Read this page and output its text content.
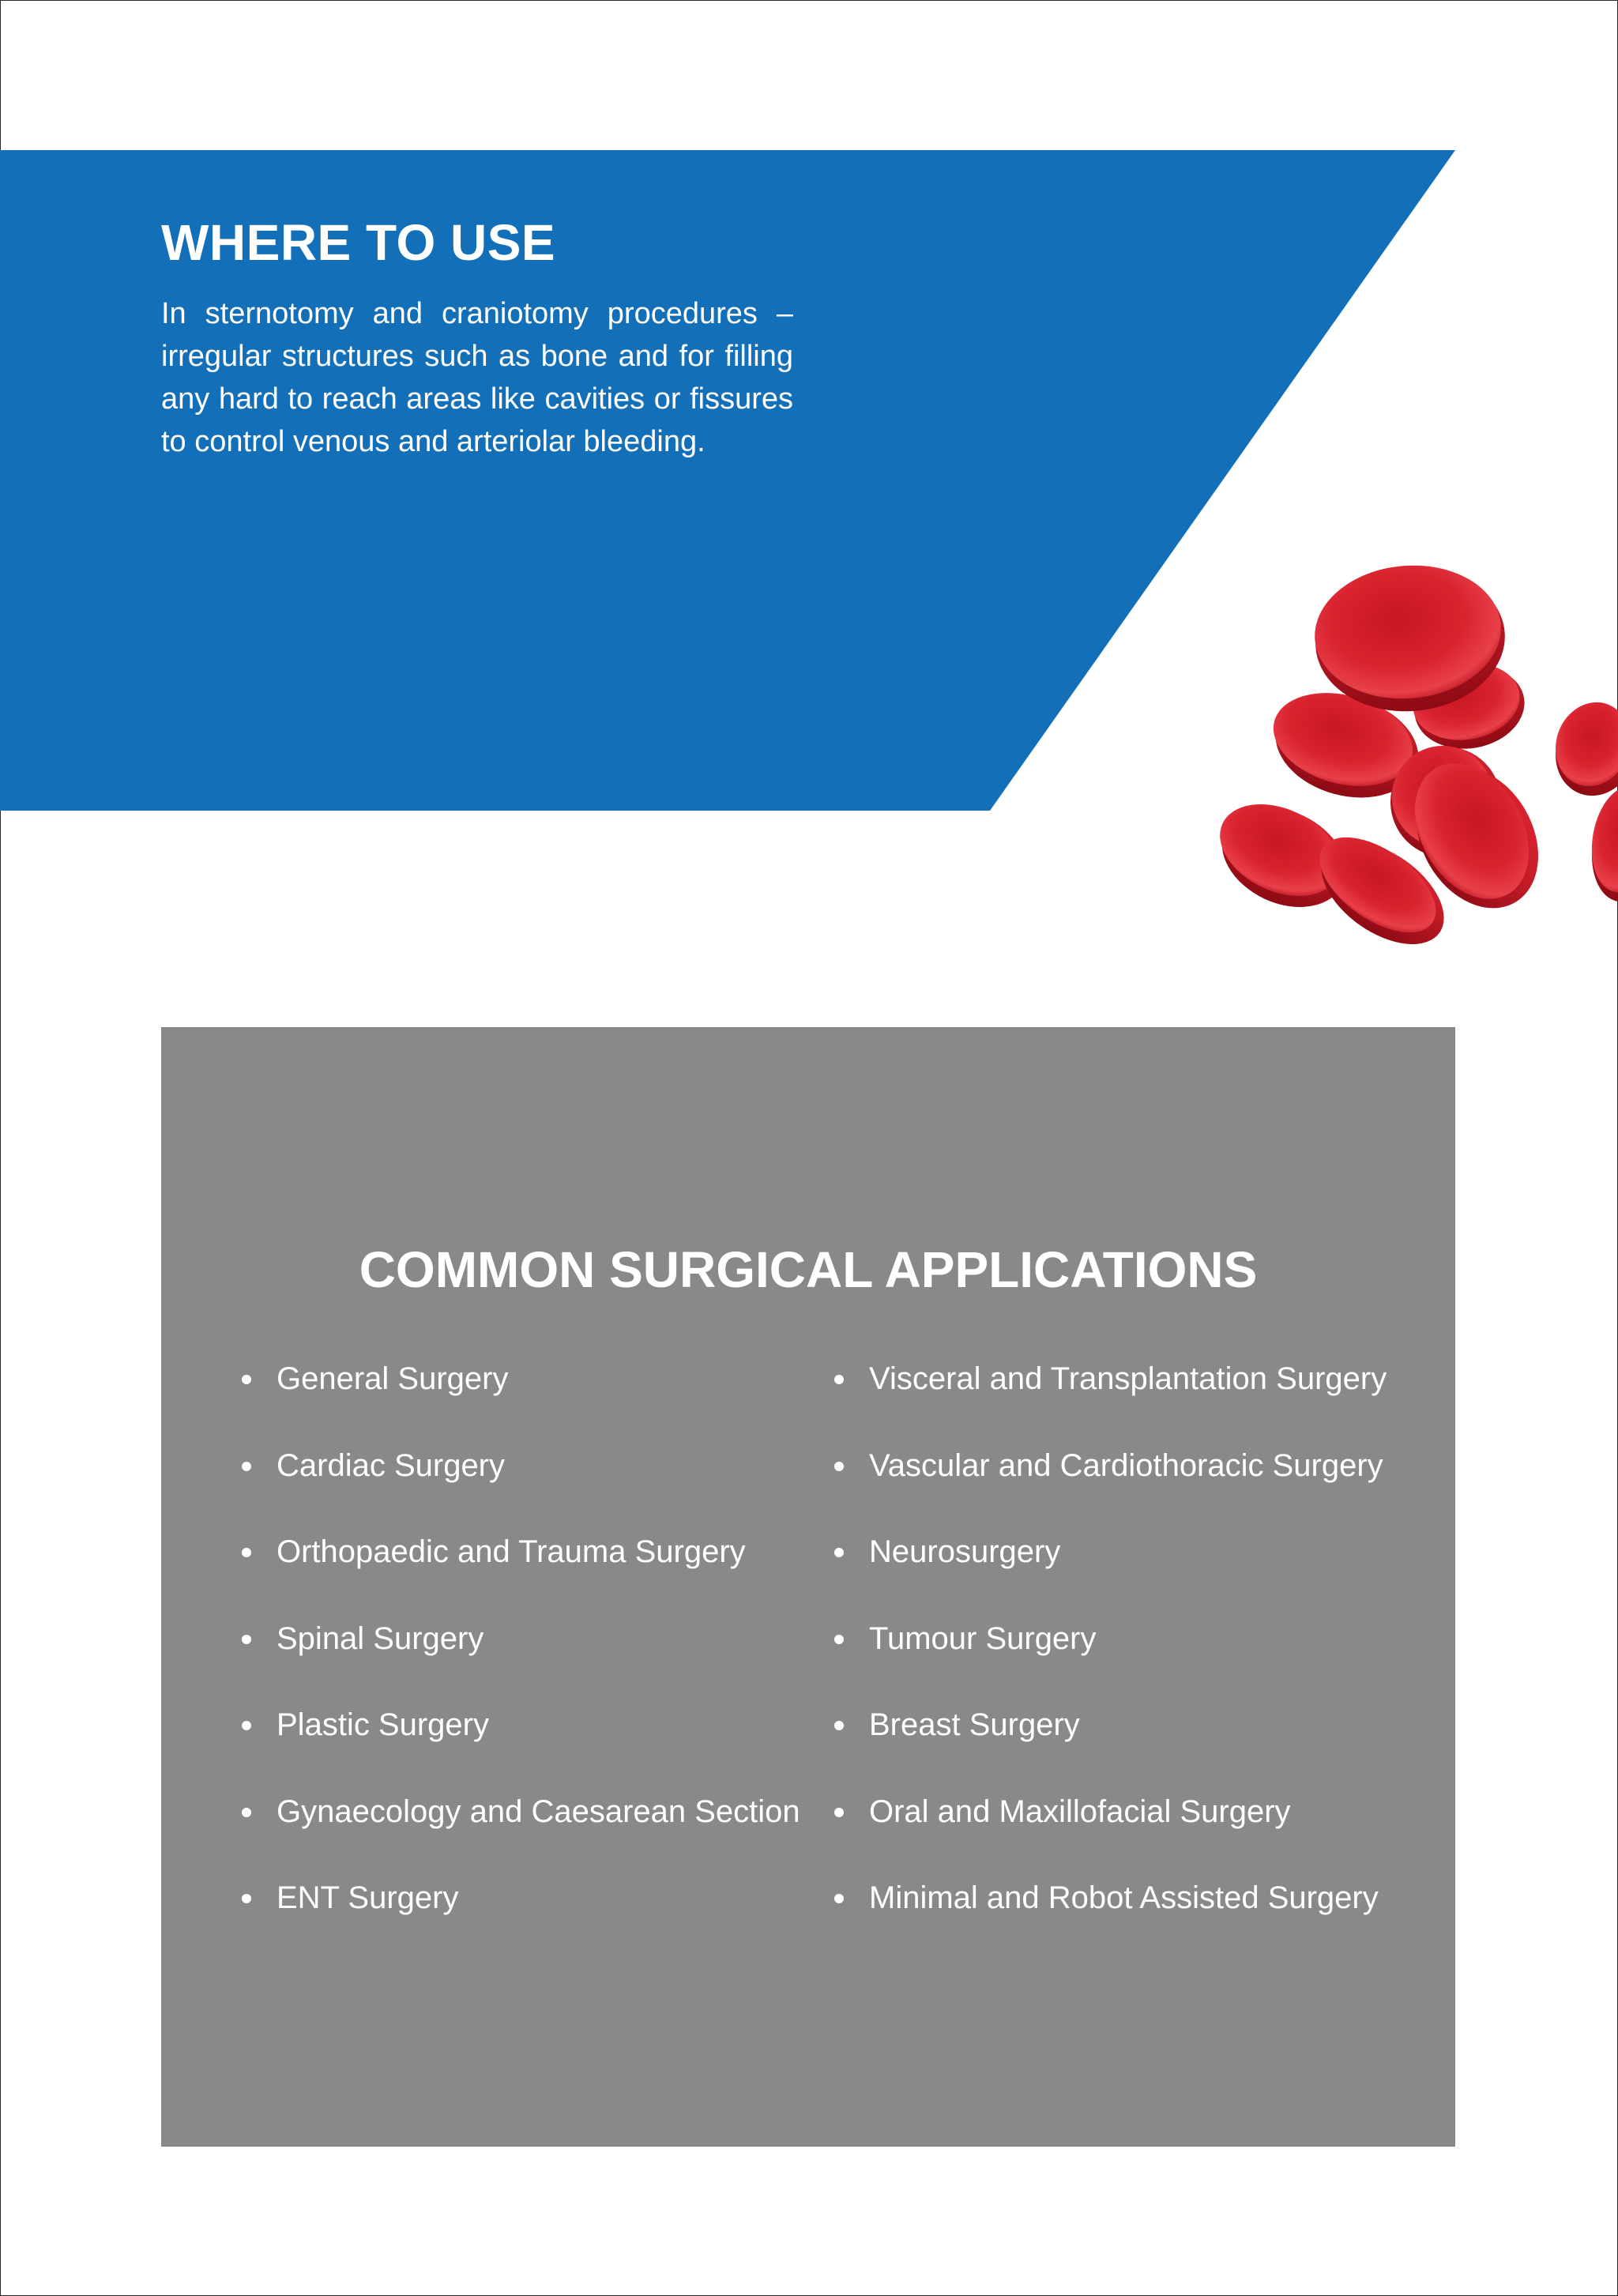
WHERE TO USE

In sternotomy and craniotomy procedures – irregular structures such as bone and for filling any hard to reach areas like cavities or fissures to control venous and arteriolar bleeding.

COMMON SURGICAL APPLICATIONS
General Surgery
Cardiac Surgery
Orthopaedic and Trauma Surgery
Spinal Surgery
Plastic Surgery
Gynaecology and Caesarean Section
ENT Surgery
Visceral and Transplantation Surgery
Vascular and Cardiothoracic Surgery
Neurosurgery
Tumour Surgery
Breast Surgery
Oral and Maxillofacial Surgery
Minimal and Robot Assisted Surgery
